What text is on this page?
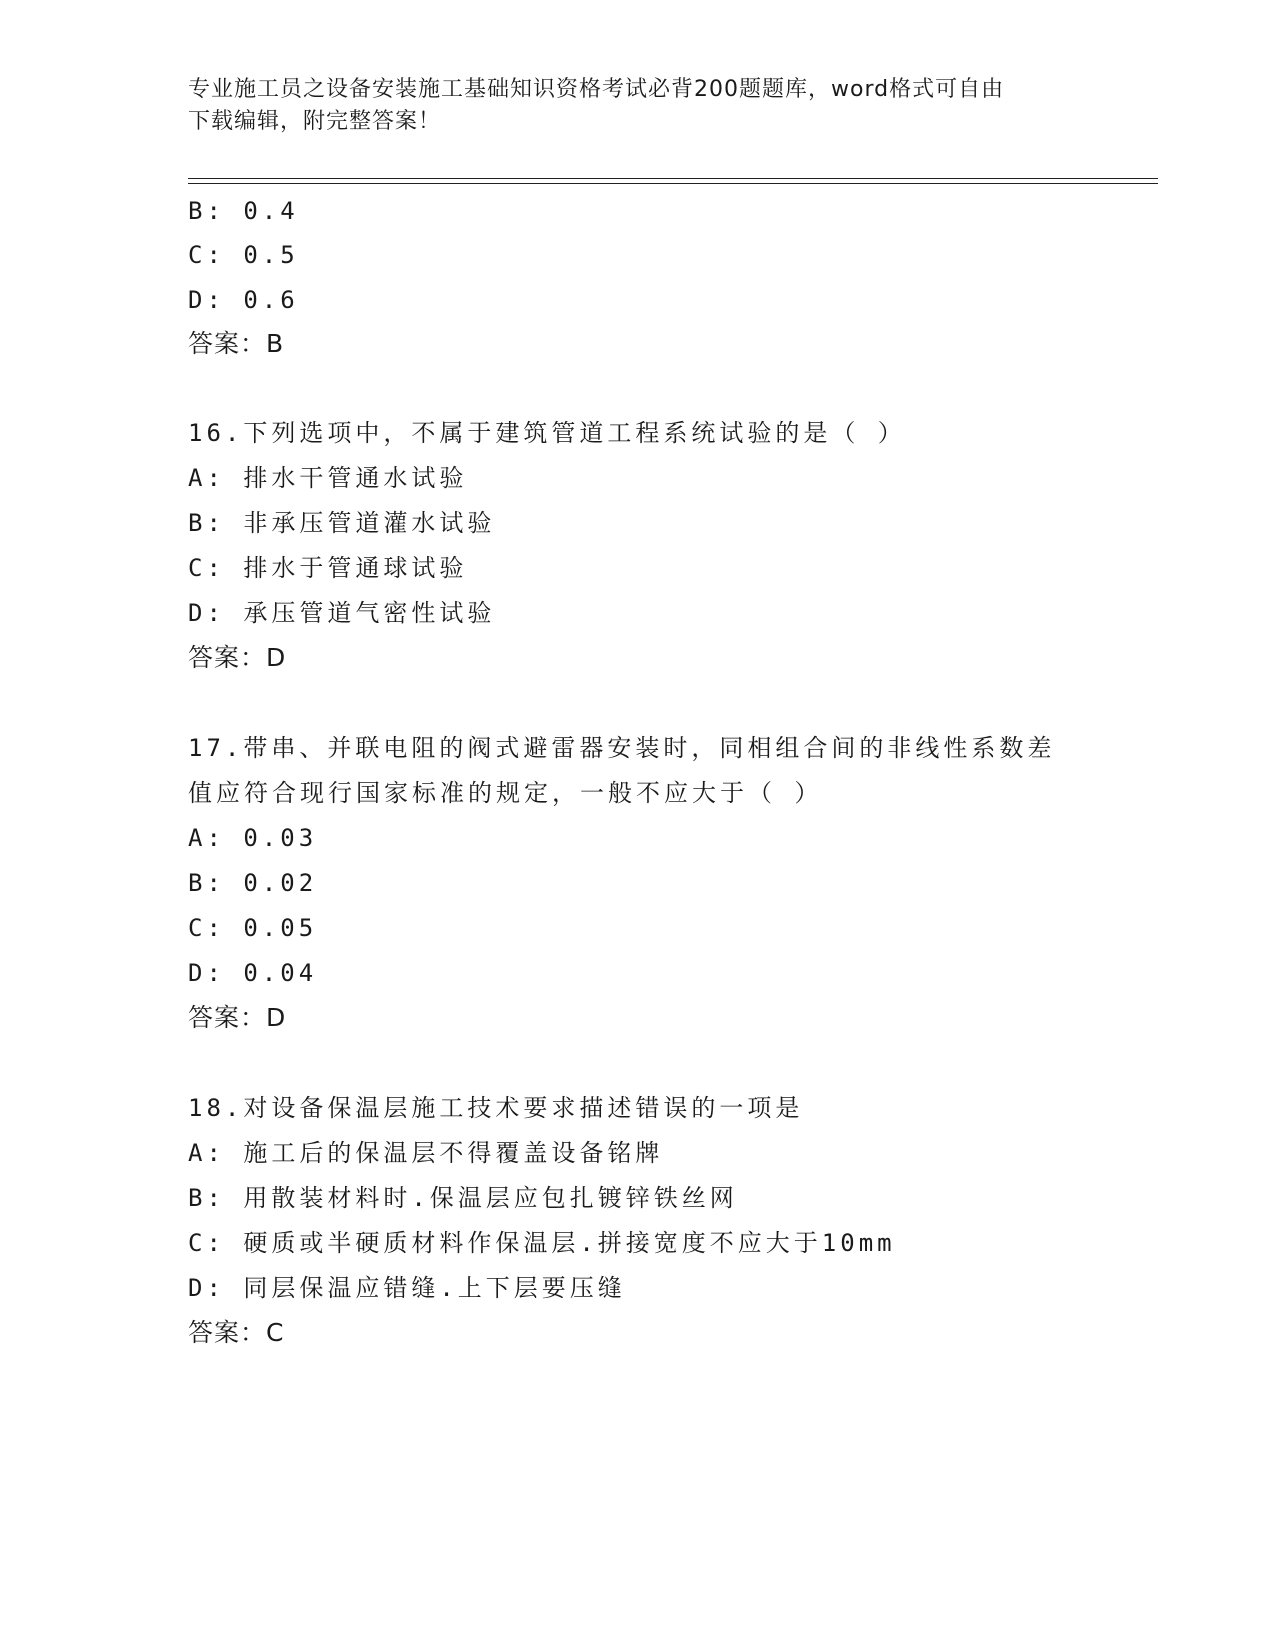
专业施工员之设备安装施工基础知识资格考试必背200题题库，word格式可自由
下载编辑，附完整答案！
B: 0.4
C: 0.5
D: 0.6
答案：B
16.下列选项中，不属于建筑管道工程系统试验的是（ ）
A: 排水干管通水试验
B: 非承压管道灌水试验
C: 排水于管通球试验
D: 承压管道气密性试验
答案：D
17.带串、并联电阻的阀式避雷器安装时，同相组合间的非线性系数差
值应符合现行国家标准的规定，一般不应大于（ ）
A: 0.03
B: 0.02
C: 0.05
D: 0.04
答案：D
18.对设备保温层施工技术要求描述错误的一项是
A: 施工后的保温层不得覆盖设备铭牌
B: 用散装材料时.保温层应包扎镀锌铁丝网
C: 硬质或半硬质材料作保温层.拼接宽度不应大于10mm
D: 同层保温应错缝.上下层要压缝
答案：C
